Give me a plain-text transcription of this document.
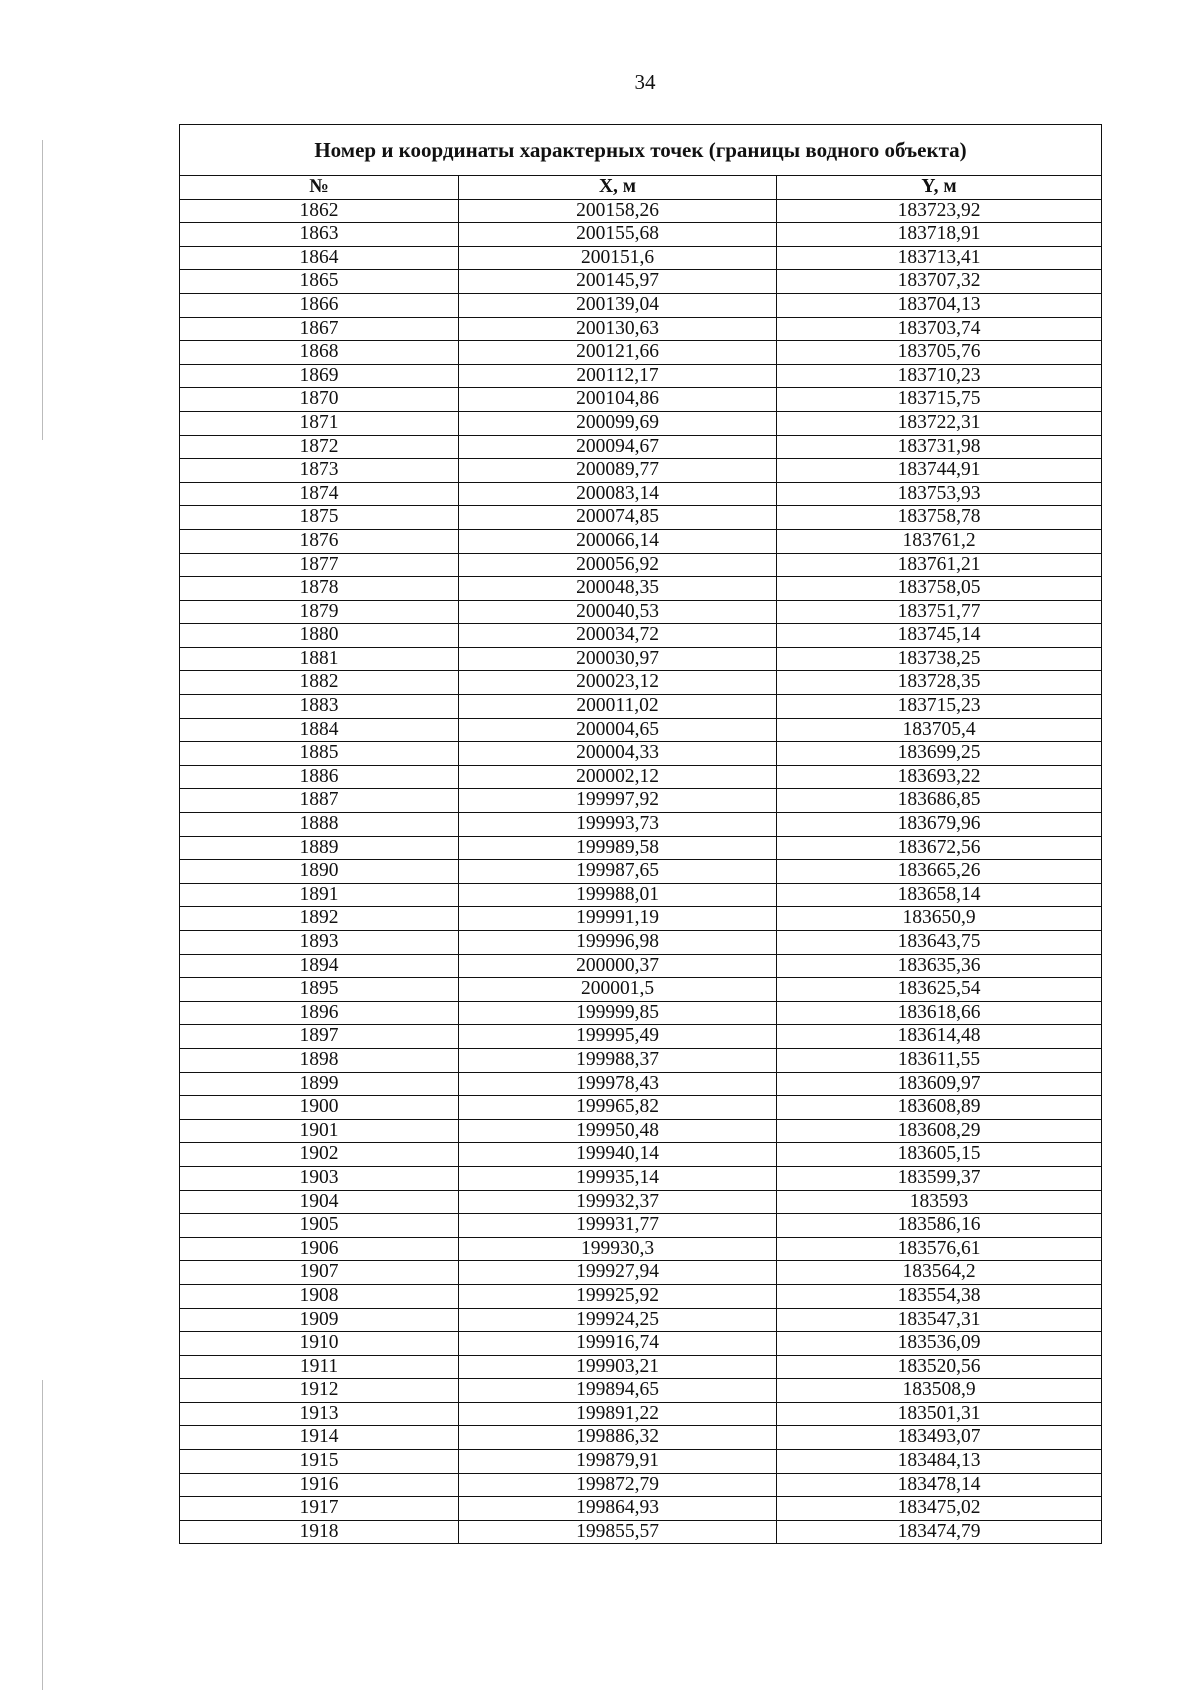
34
Номер и координаты характерных точек (границы водного объекта)		
№	X, м	Y, м
1862	200158,26	183723,92
1863	200155,68	183718,91
1864	200151,6	183713,41
1865	200145,97	183707,32
1866	200139,04	183704,13
1867	200130,63	183703,74
1868	200121,66	183705,76
1869	200112,17	183710,23
1870	200104,86	183715,75
1871	200099,69	183722,31
1872	200094,67	183731,98
1873	200089,77	183744,91
1874	200083,14	183753,93
1875	200074,85	183758,78
1876	200066,14	183761,2
1877	200056,92	183761,21
1878	200048,35	183758,05
1879	200040,53	183751,77
1880	200034,72	183745,14
1881	200030,97	183738,25
1882	200023,12	183728,35
1883	200011,02	183715,23
1884	200004,65	183705,4
1885	200004,33	183699,25
1886	200002,12	183693,22
1887	199997,92	183686,85
1888	199993,73	183679,96
1889	199989,58	183672,56
1890	199987,65	183665,26
1891	199988,01	183658,14
1892	199991,19	183650,9
1893	199996,98	183643,75
1894	200000,37	183635,36
1895	200001,5	183625,54
1896	199999,85	183618,66
1897	199995,49	183614,48
1898	199988,37	183611,55
1899	199978,43	183609,97
1900	199965,82	183608,89
1901	199950,48	183608,29
1902	199940,14	183605,15
1903	199935,14	183599,37
1904	199932,37	183593
1905	199931,77	183586,16
1906	199930,3	183576,61
1907	199927,94	183564,2
1908	199925,92	183554,38
1909	199924,25	183547,31
1910	199916,74	183536,09
1911	199903,21	183520,56
1912	199894,65	183508,9
1913	199891,22	183501,31
1914	199886,32	183493,07
1915	199879,91	183484,13
1916	199872,79	183478,14
1917	199864,93	183475,02
1918	199855,57	183474,79
